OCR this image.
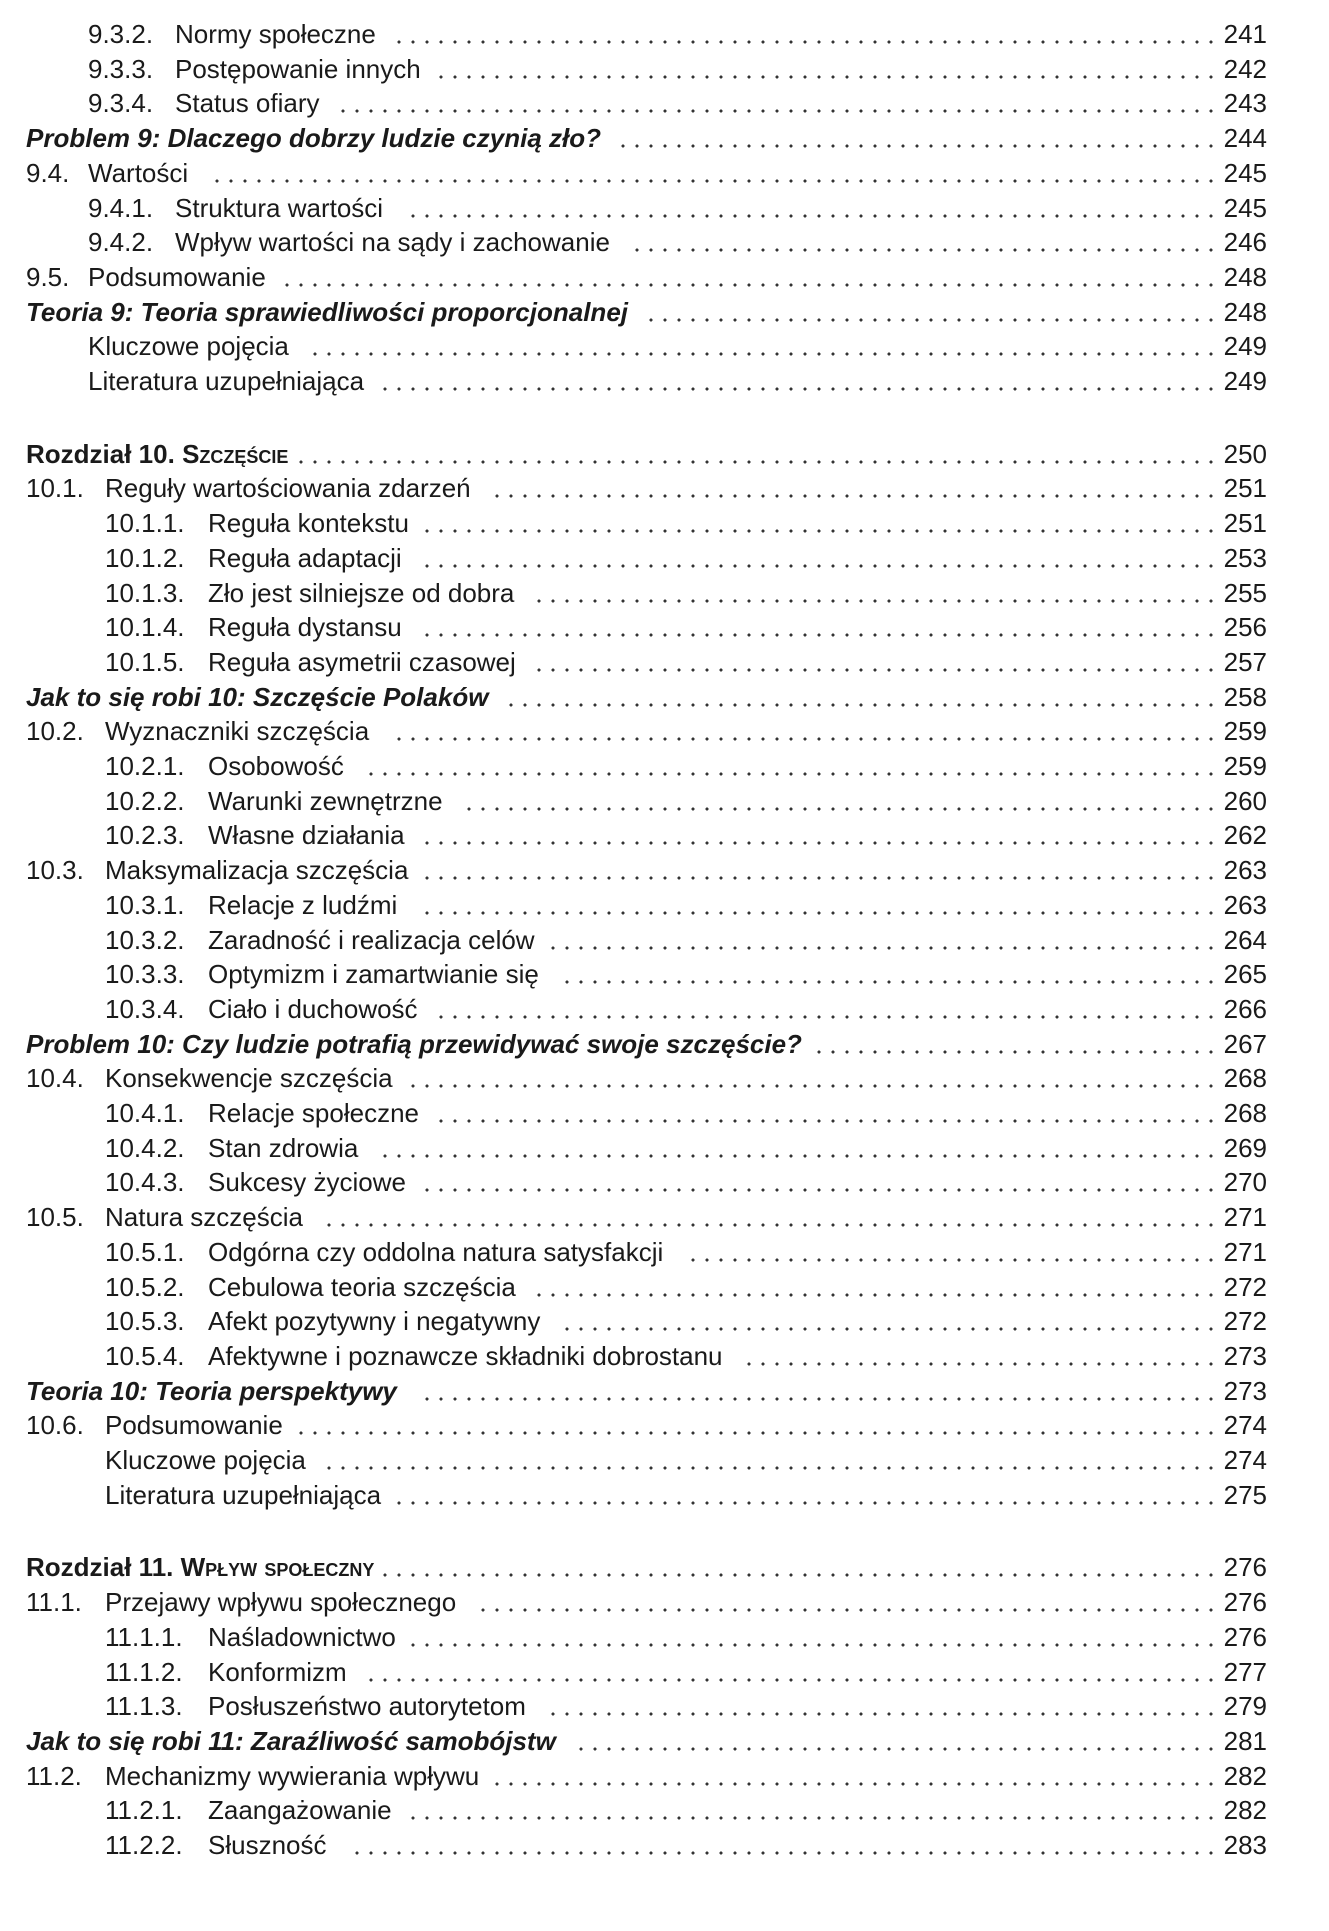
9.3.2. Normy społeczne	241
9.3.3. Postępowanie innych	242
9.3.4. Status ofiary	243
Problem 9: Dlaczego dobrzy ludzie czynią zło?	244
9.4. Wartości	245
9.4.1. Struktura wartości	245
9.4.2. Wpływ wartości na sądy i zachowanie	246
9.5. Podsumowanie	248
Teoria 9: Teoria sprawiedliwości proporcjonalnej	248
Kluczowe pojęcia	249
Literatura uzupełniająca	249
Rozdział 10. Szczęście	250
10.1. Reguły wartościowania zdarzeń	251
10.1.1. Reguła kontekstu	251
10.1.2. Reguła adaptacji	253
10.1.3. Zło jest silniejsze od dobra	255
10.1.4. Reguła dystansu	256
10.1.5. Reguła asymetrii czasowej	257
Jak to się robi 10: Szczęście Polaków	258
10.2. Wyznaczniki szczęścia	259
10.2.1. Osobowość	259
10.2.2. Warunki zewnętrzne	260
10.2.3. Własne działania	262
10.3. Maksymalizacja szczęścia	263
10.3.1. Relacje z ludźmi	263
10.3.2. Zaradność i realizacja celów	264
10.3.3. Optymizm i zamartwianie się	265
10.3.4. Ciało i duchowość	266
Problem 10: Czy ludzie potrafią przewidywać swoje szczęście?	267
10.4. Konsekwencje szczęścia	268
10.4.1. Relacje społeczne	268
10.4.2. Stan zdrowia	269
10.4.3. Sukcesy życiowe	270
10.5. Natura szczęścia	271
10.5.1. Odgórna czy oddolna natura satysfakcji	271
10.5.2. Cebulowa teoria szczęścia	272
10.5.3. Afekt pozytywny i negatywny	272
10.5.4. Afektywne i poznawcze składniki dobrostanu	273
Teoria 10: Teoria perspektywy	273
10.6. Podsumowanie	274
Kluczowe pojęcia	274
Literatura uzupełniająca	275
Rozdział 11. Wpływ społeczny	276
11.1. Przejawy wpływu społecznego	276
11.1.1. Naśladownictwo	276
11.1.2. Konformizm	277
11.1.3. Posłuszeństwo autorytetom	279
Jak to się robi 11: Zaraźliwość samobójstw	281
11.2. Mechanizmy wywierania wpływu	282
11.2.1. Zaangażowanie	282
11.2.2. Słuszność	283
